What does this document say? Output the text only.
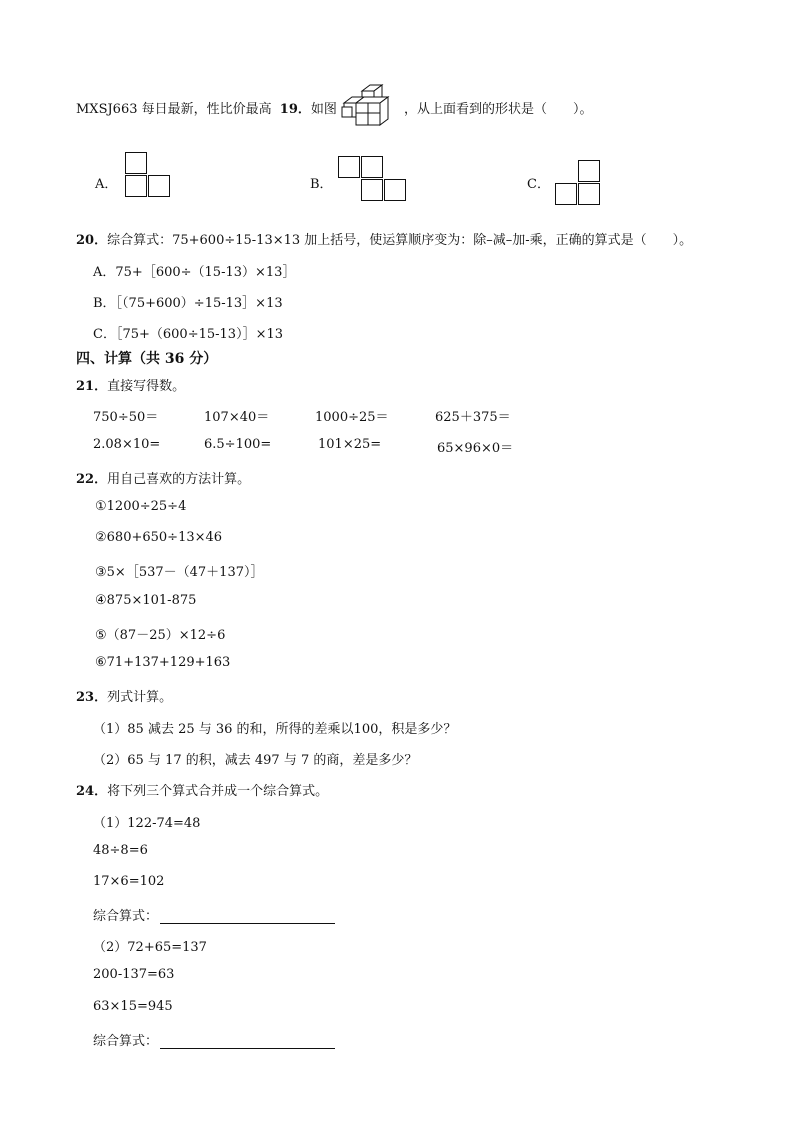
MXSJ663 每日最新，性比价最高 19．如图	，从上面看到的形状是（　　）。
A．	B．	C．
20．综合算式：75+600÷15-13×13 加上括号，使运算顺序变为：除–减–加-乘，正确的算式是（　　）。
A．75+［600÷（15-13）×13］
B．［（75+600）÷15-13］×13
C．［75+（600÷15-13）］×13
四、计算（共 36 分）
21．直接写得数。
750÷50＝	107×40＝	1000÷25＝	625＋375＝
2.08×10=	6.5÷100=	101×25=	65×96×0＝
22．用自己喜欢的方法计算。
①1200÷25÷4
②680+650÷13×46
③5×［537－（47＋137）］
④875×101-875
⑤（87－25）×12÷6
⑥71+137+129+163
23．列式计算。
（1）85 减去 25 与 36 的和，所得的差乘以100，积是多少？
（2）65 与 17 的积，减去 497 与 7 的商，差是多少？
24．将下列三个算式合并成一个综合算式。
（1）122-74=48
48÷8=6
17×6=102
综合算式：
（2）72+65=137
200-137=63
63×15=945
综合算式：
